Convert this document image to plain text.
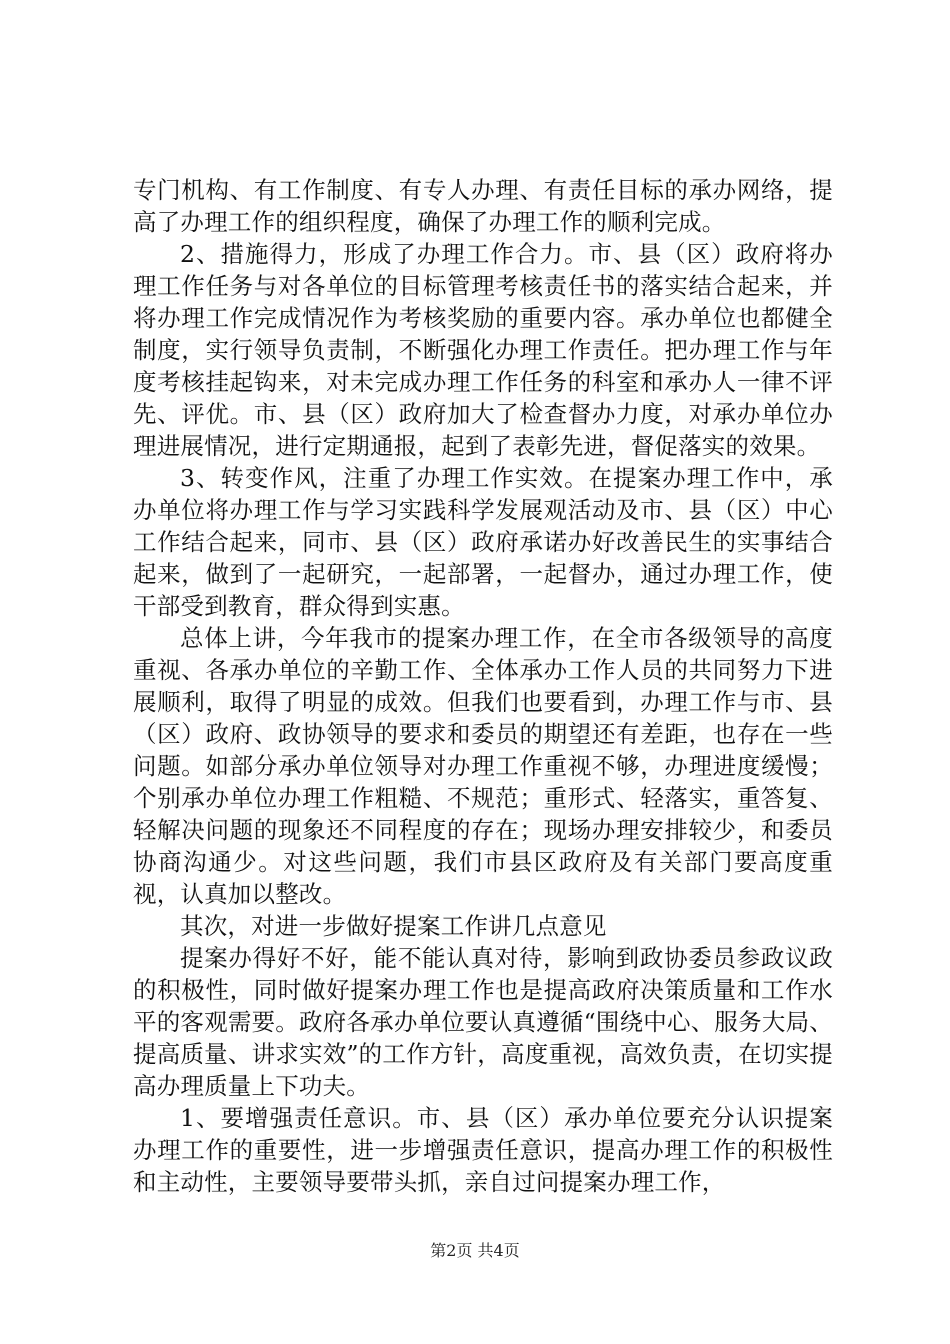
专门机构、有工作制度、有专人办理、有责任目标的承办网络，提高了办理工作的组织程度，确保了办理工作的顺利完成。

2、措施得力，形成了办理工作合力。市、县（区）政府将办理工作任务与对各单位的目标管理考核责任书的落实结合起来，并将办理工作完成情况作为考核奖励的重要内容。承办单位也都健全制度，实行领导负责制，不断强化办理工作责任。把办理工作与年度考核挂起钩来，对未完成办理工作任务的科室和承办人一律不评先、评优。市、县（区）政府加大了检查督办力度，对承办单位办理进展情况，进行定期通报，起到了表彰先进，督促落实的效果。

3、转变作风，注重了办理工作实效。在提案办理工作中，承办单位将办理工作与学习实践科学发展观活动及市、县（区）中心工作结合起来，同市、县（区）政府承诺办好改善民生的实事结合起来，做到了一起研究，一起部署，一起督办，通过办理工作，使干部受到教育，群众得到实惠。

总体上讲，今年我市的提案办理工作，在全市各级领导的高度重视、各承办单位的辛勤工作、全体承办工作人员的共同努力下进展顺利，取得了明显的成效。但我们也要看到，办理工作与市、县（区）政府、政协领导的要求和委员的期望还有差距，也存在一些问题。如部分承办单位领导对办理工作重视不够，办理进度缓慢；个别承办单位办理工作粗糙、不规范；重形式、轻落实，重答复、轻解决问题的现象还不同程度的存在；现场办理安排较少，和委员协商沟通少。对这些问题，我们市县区政府及有关部门要高度重视，认真加以整改。

其次，对进一步做好提案工作讲几点意见

提案办得好不好，能不能认真对待，影响到政协委员参政议政的积极性，同时做好提案办理工作也是提高政府决策质量和工作水平的客观需要。政府各承办单位要认真遵循“围绕中心、服务大局、提高质量、讲求实效”的工作方针，高度重视，高效负责，在切实提高办理质量上下功夫。

1、要增强责任意识。市、县（区）承办单位要充分认识提案办理工作的重要性，进一步增强责任意识，提高办理工作的积极性和主动性，主要领导要带头抓，亲自过问提案办理工作，

第2页 共4页
